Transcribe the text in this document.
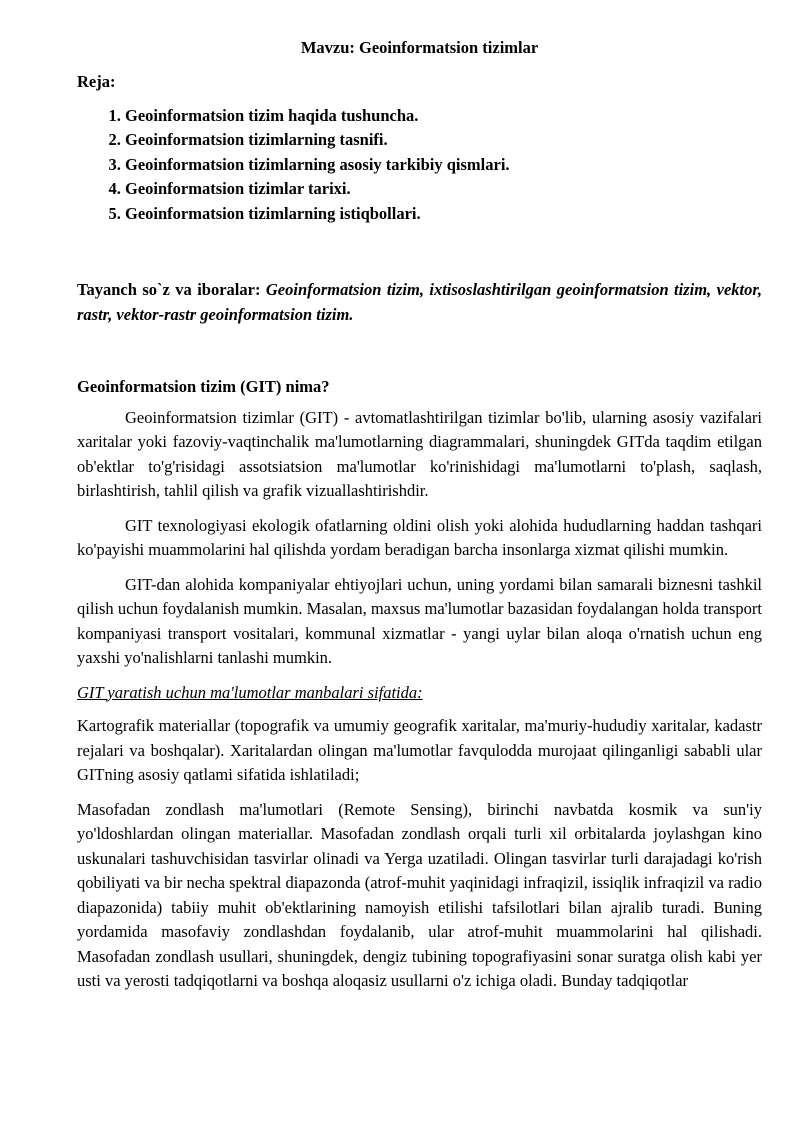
Mavzu: Geoinformatsion tizimlar
Reja:
1. Geoinformatsion tizim haqida tushuncha.
2. Geoinformatsion tizimlarning tasnifi.
3. Geoinformatsion tizimlarning asosiy tarkibiy qismlari.
4. Geoinformatsion tizimlar tarixi.
5. Geoinformatsion tizimlarning istiqbollari.
Tayanch so`z va iboralar: Geoinformatsion tizim, ixtisoslashtirilgan geoinformatsion tizim, vektor, rastr, vektor-rastr geoinformatsion tizim.
Geoinformatsion tizim (GIT) nima?

Geoinformatsion tizimlar (GIT) - avtomatlashtirilgan tizimlar bo'lib, ularning asosiy vazifalari xaritalar yoki fazoviy-vaqtinchalik ma'lumotlarning diagrammalari, shuningdek GITda taqdim etilgan ob'ektlar to'g'risidagi assotsiatsion ma'lumotlar ko'rinishidagi ma'lumotlarni to'plash, saqlash, birlashtirish, tahlil qilish va grafik vizuallashtirishdir.

GIT texnologiyasi ekologik ofatlarning oldini olish yoki alohida hududlarning haddan tashqari ko'payishi muammolarini hal qilishda yordam beradigan barcha insonlarga xizmat qilishi mumkin.

GIT-dan alohida kompaniyalar ehtiyojlari uchun, uning yordami bilan samarali biznesni tashkil qilish uchun foydalanish mumkin. Masalan, maxsus ma'lumotlar bazasidan foydalangan holda transport kompaniyasi transport vositalari, kommunal xizmatlar - yangi uylar bilan aloqa o'rnatish uchun eng yaxshi yo'nalishlarni tanlashi mumkin.

GIT yaratish uchun ma'lumotlar manbalari sifatida:

Kartografik materiallar (topografik va umumiy geografik xaritalar, ma'muriy-hududiy xaritalar, kadastr rejalari va boshqalar). Xaritalardan olingan ma'lumotlar favqulodda murojaat qilinganligi sababli ular GITning asosiy qatlami sifatida ishlatiladi;

Masofadan zondlash ma'lumotlari (Remote Sensing), birinchi navbatda kosmik va sun'iy yo'ldoshlardan olingan materiallar. Masofadan zondlash orqali turli xil orbitalarda joylashgan kino uskunalari tashuvchisidan tasvirlar olinadi va Yerga uzatiladi. Olingan tasvirlar turli darajadagi ko'rish qobiliyati va bir necha spektral diapazonda (atrof-muhit yaqinidagi infraqizil, issiqlik infraqizil va radio diapazonida) tabiiy muhit ob'ektlarining namoyish etilishi tafsilotlari bilan ajralib turadi. Buning yordamida masofaviy zondlashdan foydalanib, ular atrof-muhit muammolarini hal qilishadi. Masofadan zondlash usullari, shuningdek, dengiz tubining topografiyasini sonar suratga olish kabi yer usti va yerosti tadqiqotlarni va boshqa aloqasiz usullarni o'z ichiga oladi. Bunday tadqiqotlar
